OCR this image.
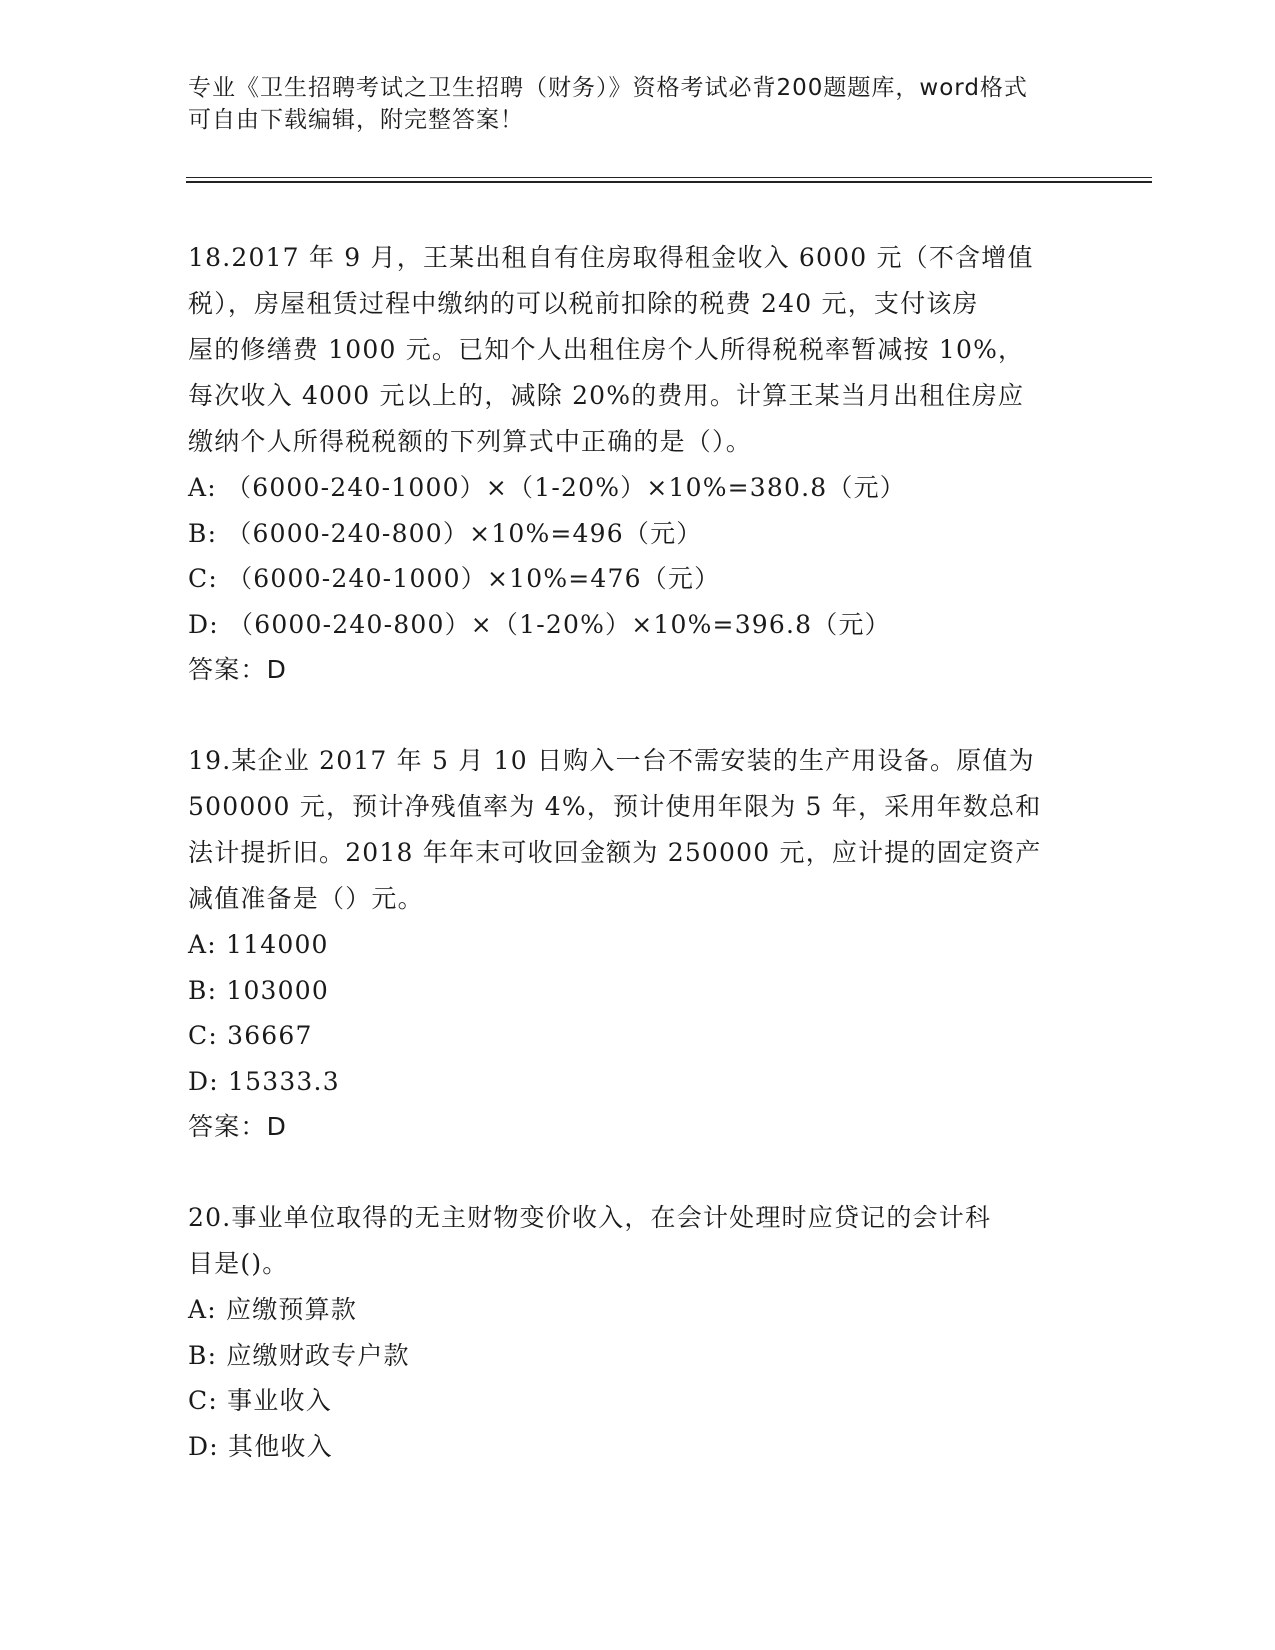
专业《卫生招聘考试之卫生招聘（财务）》资格考试必背200题题库，word格式

可自由下载编辑，附完整答案！

18.2017 年 9 月，王某出租自有住房取得租金收入 6000 元（不含增值

税），房屋租赁过程中缴纳的可以税前扣除的税费 240 元，支付该房

屋的修缮费 1000 元。已知个人出租住房个人所得税税率暂减按 10%，

每次收入 4000 元以上的，减除 20%的费用。计算王某当月出租住房应

缴纳个人所得税税额的下列算式中正确的是（）。

A: （6000-240-1000）×（1-20%）×10%=380.8（元）

B: （6000-240-800）×10%=496（元）

C: （6000-240-1000）×10%=476（元）

D: （6000-240-800）×（1-20%）×10%=396.8（元）

答案：D

19.某企业 2017 年 5 月 10 日购入一台不需安装的生产用设备。原值为

500000 元，预计净残值率为 4%，预计使用年限为 5 年，采用年数总和

法计提折旧。2018 年年末可收回金额为 250000 元，应计提的固定资产

减值准备是（）元。

A: 114000

B: 103000

C: 36667

D: 15333.3

答案：D

20.事业单位取得的无主财物变价收入，在会计处理时应贷记的会计科

目是()。

A: 应缴预算款

B: 应缴财政专户款

C: 事业收入

D: 其他收入
